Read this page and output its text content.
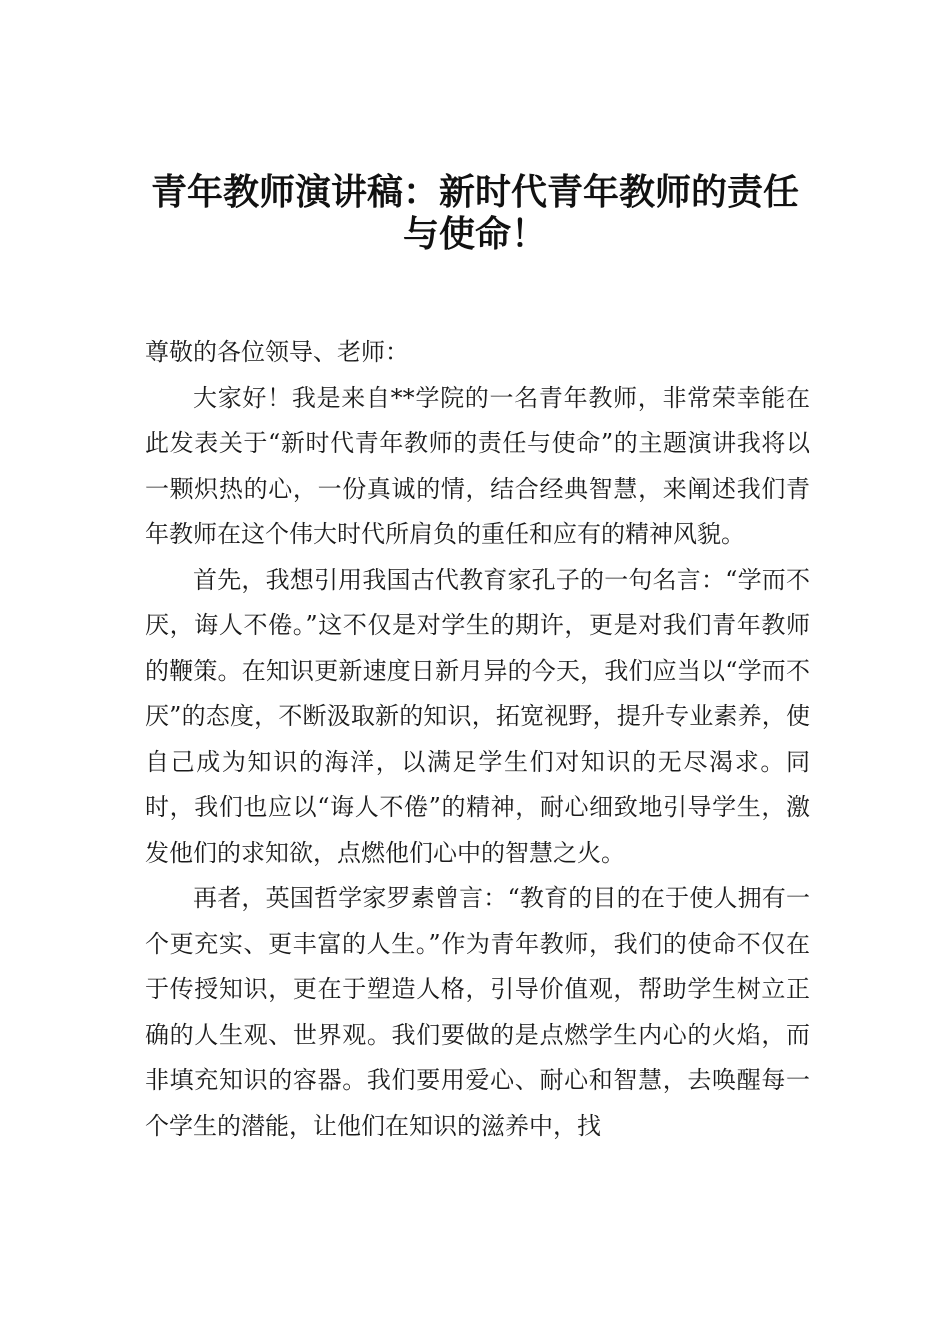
青年教师演讲稿：新时代青年教师的责任
与使命！

尊敬的各位领导、老师：

大家好！我是来自**学院的一名青年教师，非常荣幸能在此发表关于“新时代青年教师的责任与使命”的主题演讲我将以一颗炽热的心，一份真诚的情，结合经典智慧，来阐述我们青年教师在这个伟大时代所肩负的重任和应有的精神风貌。

首先，我想引用我国古代教育家孔子的一句名言：“学而不厌，诲人不倦。”这不仅是对学生的期许，更是对我们青年教师的鞭策。在知识更新速度日新月异的今天，我们应当以“学而不厌”的态度，不断汲取新的知识，拓宽视野，提升专业素养，使自己成为知识的海洋，以满足学生们对知识的无尽渴求。同时，我们也应以“诲人不倦”的精神，耐心细致地引导学生，激发他们的求知欲，点燃他们心中的智慧之火。

再者，英国哲学家罗素曾言：“教育的目的在于使人拥有一个更充实、更丰富的人生。”作为青年教师，我们的使命不仅在于传授知识，更在于塑造人格，引导价值观，帮助学生树立正确的人生观、世界观。我们要做的是点燃学生内心的火焰，而非填充知识的容器。我们要用爱心、耐心和智慧，去唤醒每一个学生的潜能，让他们在知识的滋养中，找
